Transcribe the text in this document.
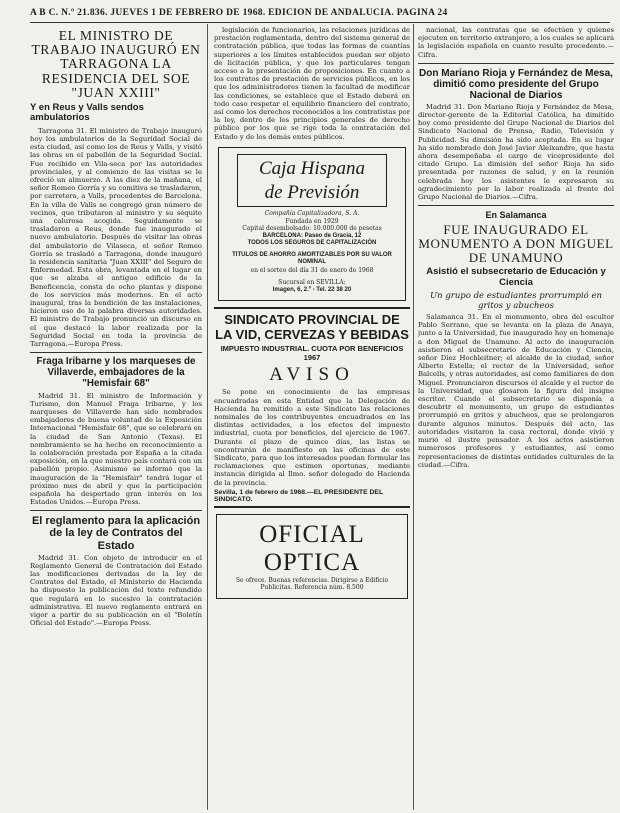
A B C. N.º 21.836. JUEVES 1 DE FEBRERO DE 1968. EDICION DE ANDALUCIA. PAGINA 24
EL MINISTRO DE TRABAJO INAUGURÓ EN TARRAGONA LA RESIDENCIA DEL SOE "JUAN XXIII"
Y en Reus y Valls sendos ambulatorios

Tarragona 31. El ministro de Trabajo inauguró hoy los ambulatorios de la Seguridad Social de esta ciudad, así como los de Reus y Valls, y visitó las obras en el pabellón de la Seguridad Social. Fue recibido en Vila-seca por las autoridades provinciales, y al comienzo de las visitas se le ofreció un almuerzo. A las diez de la mañana, el señor Romeo Gorría y su comitiva se trasladaron, por carretera, a Valls, procedentes de Barcelona. En la villa de Valls se congregó gran número de vecinos, que tributaron al ministro y su séquito una calurosa acogida. Seguidamente se trasladaron a Reus, donde fue inaugurado el nuevo ambulatorio. Después de visitar las obras del ambulatorio de Vilaseca, el señor Romeo Gorría se trasladó a Tarragona, donde inauguró la residencia sanitaria "Juan XXIII" del Seguro de Enfermedad. Esta obra, levantada en el lugar en que se alzaba el antiguo edificio de la Beneficencia, consta de ocho plantas y dispone de los servicios más modernos. En el acto inaugural, tras la bendición de las instalaciones, hicieron uso de la palabra diversas autoridades. El ministro de Trabajo pronunció un discurso en el que destacó la labor realizada por la Seguridad Social en toda la provincia de Tarragona.—Europa Press.

Fraga Iribarne y los marqueses de Villaverde, embajadores de la "Hemisfair 68"

Madrid 31. El ministro de Información y Turismo, don Manuel Fraga Iribarne, y los marqueses de Villaverde han sido nombrados embajadores de buena voluntad de la Exposición Internacional "Hemisfair 68", que se celebrará en la ciudad de San Antonio (Texas). El nombramiento se ha hecho en reconocimiento a la colaboración prestada por España a la citada exposición, en la que nuestro país contará con un pabellón propio. Asimismo se informó que la inauguración de la "Hemisfair" tendrá lugar el próximo mes de abril y que la participación española ha despertado gran interés en los Estados Unidos.—Europa Press.

El reglamento para la aplicación de la ley de Contratos del Estado

Madrid 31. Con objeto de introducir en el Reglamento General de Contratación del Estado las modificaciones derivadas de la ley de Contratos del Estado, el Ministerio de Hacienda ha dispuesto la publicación del texto refundido que regulará en lo sucesivo la contratación administrativa. El nuevo reglamento entrará en vigor a partir de su publicación en el "Boletín Oficial del Estado".—Europa Press.

legislación de funcionarios, las relaciones jurídicas de prestación reglamentada, dentro del sistema general de contratación pública, que todas las formas de cuantías superiores a los límites establecidos puedan ser objeto de licitación pública, y que los particulares tengan acceso a la presentación de proposiciones. En cuanto a los contratos de prestación de servicios públicos, en los que los administradores tienen la facultad de modificar las condiciones, se establece que el Estado deberá en todo caso respetar el equilibrio financiero del contrato, así como los derechos reconocidos a los contratistas por la ley, dentro de los principios generales de derecho público por los que se rige toda la contratación del Estado y de los demás entes públicos.

Caja Hispana
de Previsión
Compañía Capitalizadora, S. A.
Fundada en 1929
Capital desembolsado: 10.000.000 de pesetas
BARCELONA: Paseo de Gracia, 12
TODOS LOS SEGUROS DE CAPITALIZACIÓN
TITULOS DE AHORRO AMORTIZABLES POR SU VALOR NOMINAL
en el sorteo del día 31 de enero de 1968
Sucursal en SEVILLA:
Imagen, 6, 2.º - Tel. 22 38 20
SINDICATO PROVINCIAL DE LA VID, CERVEZAS Y BEBIDAS
IMPUESTO INDUSTRIAL. CUOTA POR BENEFICIOS 1967
AVISO

Se pone en conocimiento de las empresas encuadradas en esta Entidad que la Delegación de Hacienda ha remitido a este Sindicato las relaciones nominales de los contribuyentes encuadrados en las distintas actividades, a los efectos del impuesto industrial, cuota por beneficios, del ejercicio de 1967. Durante el plazo de quince días, las listas se encontrarán de manifiesto en las oficinas de este Sindicato, para que los interesados puedan formular las reclamaciones que estimen oportunas, mediante instancia dirigida al Ilmo. señor delegado de Hacienda de la provincia.

Sevilla, 1 de febrero de 1968.—EL PRESIDENTE DEL SINDICATO.
OFICIAL OPTICA
Se ofrece. Buenas referencias. Dirigirse a Edificio Publicitas. Referencia núm. 8.500

nacional, las contratas que se efectúen y quienes ejecuten en territorio extranjero, a los cuales se aplicará la legislación española en cuanto resulte procedente.—Cifra.

Don Mariano Rioja y Fernández de Mesa, dimitió como presidente del Grupo Nacional de Diarios

Madrid 31. Don Mariano Rioja y Fernández de Mesa, director-gerente de la Editorial Católica, ha dimitido hoy como presidente del Grupo Nacional de Diarios del Sindicato Nacional de Prensa, Radio, Televisión y Publicidad. Su dimisión ha sido aceptada. En su lugar ha sido nombrado don José Javier Aleixandre, que hasta ahora desempeñaba el cargo de vicepresidente del citado Grupo. La dimisión del señor Rioja ha sido presentada por razones de salud, y en la reunión celebrada hoy los asistentes le expresaron su agradecimiento por la labor realizada al frente del Grupo Nacional de Diarios.—Cifra.

En Salamanca
FUE INAUGURADO EL MONUMENTO A DON MIGUEL DE UNAMUNO
Asistió el subsecretario de Educación y Ciencia
Un grupo de estudiantes prorrumpió en gritos y abucheos

Salamanca 31. En el monumento, obra del escultor Pablo Serrano, que se levanta en la plaza de Anaya, junto a la Universidad, fue inaugurado hoy en homenaje a don Miguel de Unamuno. Al acto de inauguración asistieron el subsecretario de Educación y Ciencia, señor Díez Hochleitner; el alcalde de la ciudad, señor Alberto Estella; el rector de la Universidad, señor Balcells, y otras autoridades, así como familiares de don Miguel. Pronunciaron discursos el alcalde y el rector de la Universidad, que glosaron la figura del insigne escritor. Cuando el subsecretario se disponía a descubrir el monumento, un grupo de estudiantes prorrumpió en gritos y abucheos, que se prolongaron durante algunos minutos. Después del acto, las autoridades visitaron la casa rectoral, donde vivió y murió el ilustre pensador. A los actos asistieron numerosos profesores y estudiantes, así como representaciones de distintas entidades culturales de la ciudad.—Cifra.
